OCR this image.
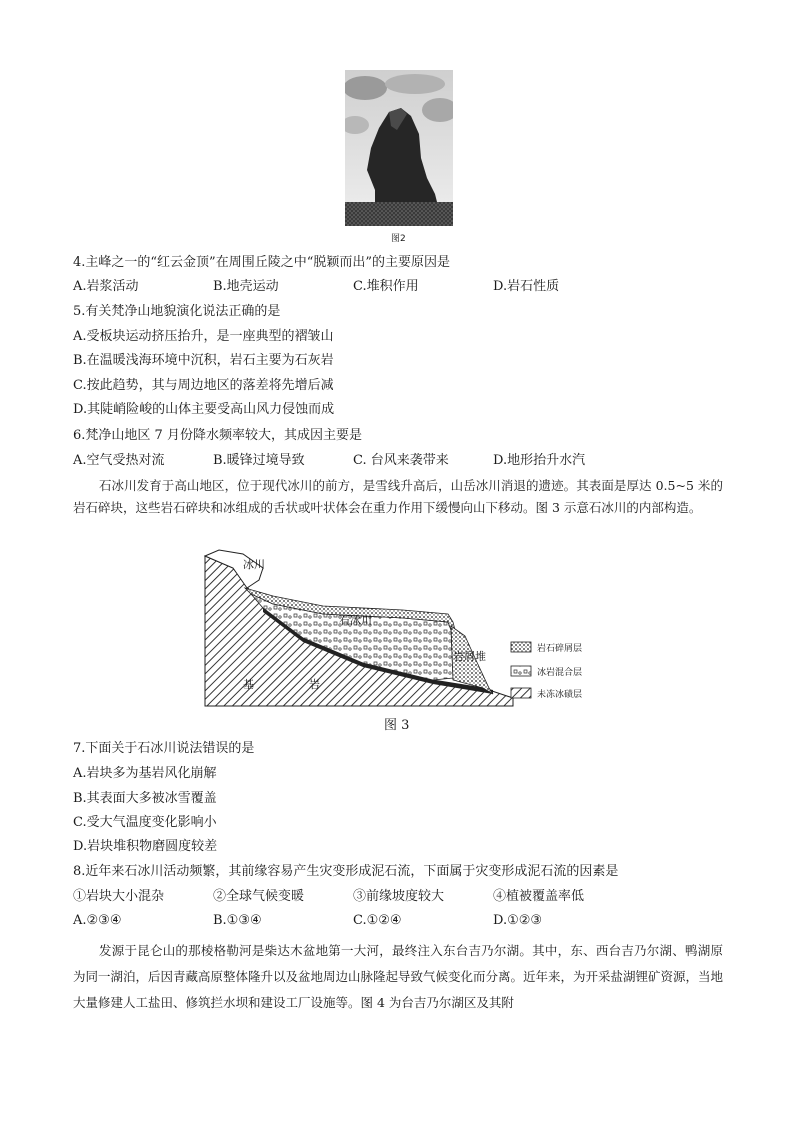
图2
4.主峰之一的“红云金顶”在周围丘陵之中“脱颖而出”的主要原因是
A.岩浆活动	B.地壳运动	C.堆积作用	D.岩石性质
5.有关梵净山地貌演化说法正确的是
A.受板块运动挤压抬升，是一座典型的褶皱山
B.在温暖浅海环境中沉积，岩石主要为石灰岩
C.按此趋势，其与周边地区的落差将先增后减
D.其陡峭险峻的山体主要受高山风力侵蚀而成
6.梵净山地区 7 月份降水频率较大，其成因主要是
A.空气受热对流	B.暖锋过境导致	C. 台风来袭带来	D.地形抬升水汽
石冰川发育于高山地区，位于现代冰川的前方，是雪线升高后，山岳冰川消退的遗迹。其表面是厚达 0.5~5 米的岩石碎块，这些岩石碎块和冰组成的舌状或叶状体会在重力作用下缓慢向山下移动。图 3 示意石冰川的内部构造。
冰川
石冰川
岩屑堆
基	岩
岩石碎屑层
冰岩混合层
未冻冰碛层
图 3
7.下面关于石冰川说法错误的是
A.岩块多为基岩风化崩解
B.其表面大多被冰雪覆盖
C.受大气温度变化影响小
D.岩块堆积物磨圆度较差
8.近年来石冰川活动频繁，其前缘容易产生灾变形成泥石流，下面属于灾变形成泥石流的因素是
①岩块大小混杂	②全球气候变暖	③前缘坡度较大	④植被覆盖率低
A.②③④	B.①③④	C.①②④	D.①②③
发源于昆仑山的那棱格勒河是柴达木盆地第一大河，最终注入东台吉乃尔湖。其中，东、西台吉乃尔湖、鸭湖原为同一湖泊，后因青藏高原整体隆升以及盆地周边山脉隆起导致气候变化而分离。近年来，为开采盐湖锂矿资源，当地大量修建人工盐田、修筑拦水坝和建设工厂设施等。图 4 为台吉乃尔湖区及其附
